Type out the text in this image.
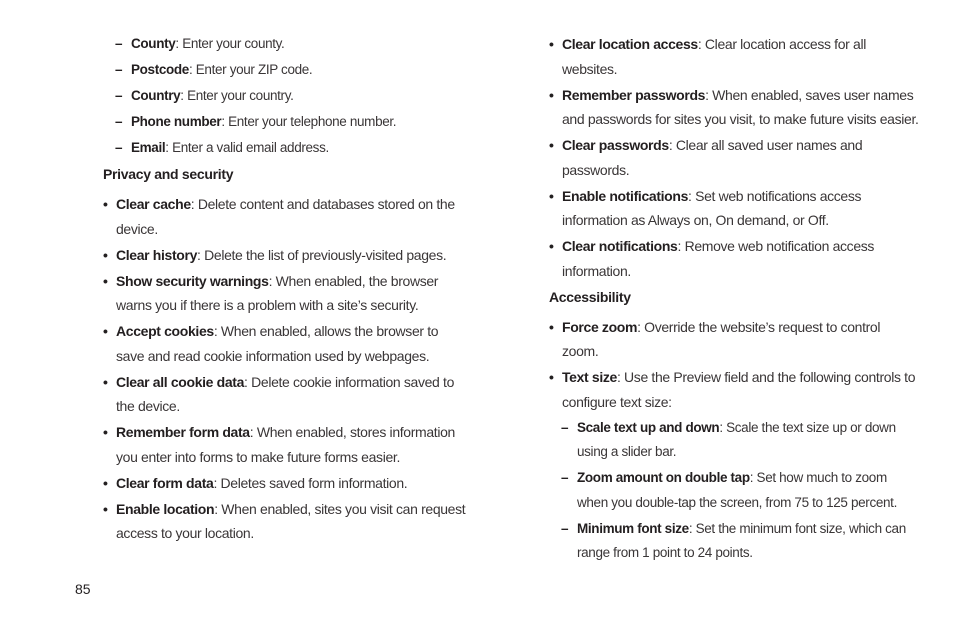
– County: Enter your county.
– Postcode: Enter your ZIP code.
– Country: Enter your country.
– Phone number: Enter your telephone number.
– Email: Enter a valid email address.
Privacy and security
• Clear cache: Delete content and databases stored on the device.
• Clear history: Delete the list of previously-visited pages.
• Show security warnings: When enabled, the browser warns you if there is a problem with a site’s security.
• Accept cookies: When enabled, allows the browser to save and read cookie information used by webpages.
• Clear all cookie data: Delete cookie information saved to the device.
• Remember form data: When enabled, stores information you enter into forms to make future forms easier.
• Clear form data: Deletes saved form information.
• Enable location: When enabled, sites you visit can request access to your location.
• Clear location access: Clear location access for all websites.
• Remember passwords: When enabled, saves user names and passwords for sites you visit, to make future visits easier.
• Clear passwords: Clear all saved user names and passwords.
• Enable notifications: Set web notifications access information as Always on, On demand, or Off.
• Clear notifications: Remove web notification access information.
Accessibility
• Force zoom: Override the website’s request to control zoom.
• Text size: Use the Preview field and the following controls to configure text size:
– Scale text up and down: Scale the text size up or down using a slider bar.
– Zoom amount on double tap: Set how much to zoom when you double-tap the screen, from 75 to 125 percent.
– Minimum font size: Set the minimum font size, which can range from 1 point to 24 points.
85
